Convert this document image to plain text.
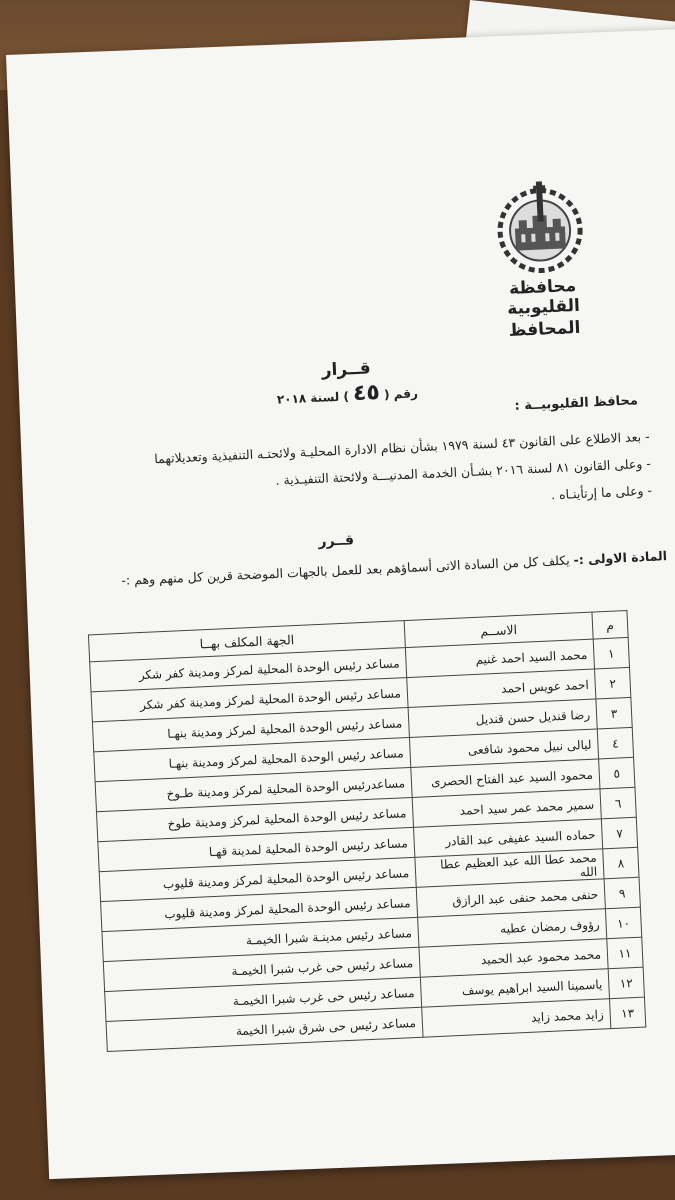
محافظة القليوبية
المحافظ
قــرار
رقم ( ٤٥ ) لسنة ٢٠١٨	محافظ القليوبيــة :
- بعد الاطلاع على القانون ٤٣ لسنة ١٩٧٩ بشأن نظام الادارة المحليـة ولائحتـه التنفيذية وتعديلاتهما
- وعلى القانون ٨١ لسنة ٢٠١٦ بشـأن الخدمة المدنيـــة ولائحتة التنفيـذية .
- وعلى ما إرتأينـاه .
قــرر
المادة الاولى :- يكلف كل من السادة الاتى أسماؤهم بعد للعمل بالجهات الموضحة قرين كل منهم وهم :-
م	الاســم	الجهة المكلف بهــا
١	محمد السيد احمد غنيم	مساعد رئيس الوحدة المحلية لمركز ومدينة كفر شكر
٢	احمد عويس احمد	مساعد رئيس الوحدة المحلية لمركز ومدينة كفر شكر
٣	رضا قنديل حسن قنديل	مساعد رئيس الوحدة المحلية لمركز ومدينة بنهـا
٤	ليالى نبيل محمود شافعى	مساعد رئيس الوحدة المحلية لمركز ومدينة بنهـا
٥	محمود السيد عبد الفتاح الحصرى	مساعدرئيس الوحدة المحلية لمركز ومدينة طـوخ
٦	سمير محمد عمر سيد احمد	مساعد رئيس الوحدة المحلية لمركز ومدينة طوخ
٧	حماده السيد عفيفى عبد القادر	مساعد رئيس الوحدة المحلية لمدينة قهـا
٨	محمد عطا الله عبد العظيم عطا الله	مساعد رئيس الوحدة المحلية لمركز ومدينة قليوب
٩	حنفى محمد حنفى عبد الرازق	مساعد رئيس الوحدة المحلية لمركز ومدينة قليوب
١٠	رؤوف رمضان عطيه	مساعد رئيس مدينـة شبرا الخيمـة
١١	محمد محمود عبد الحميد	مساعد رئيس حى غرب شبرا الخيمـة
١٢	ياسمينا السيد ابراهيم يوسف	مساعد رئيس حى غرب شبرا الخيمـة
١٣	زايد محمد زايد	مساعد رئيس حى شرق شبرا الخيمة
